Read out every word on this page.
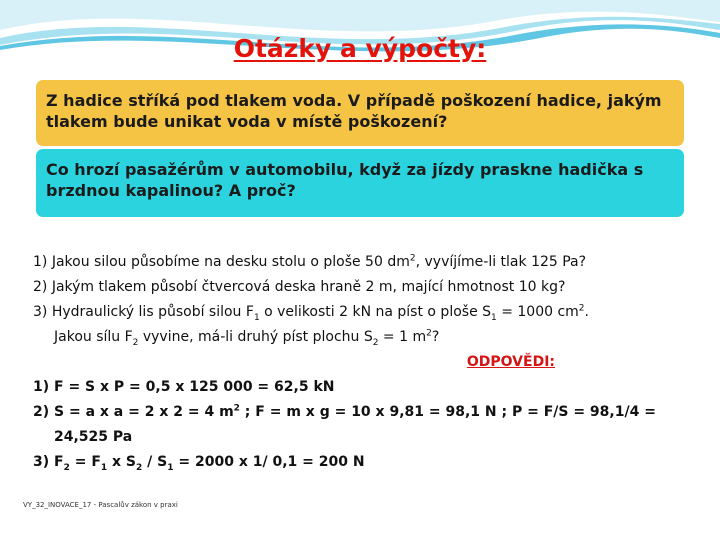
Otázky a výpočty:
Z hadice stříká pod tlakem voda. V případě poškození hadice, jakým tlakem bude unikat voda v místě poškození?
Co hrozí pasažérům v automobilu, když za jízdy praskne hadička s brzdnou kapalinou? A proč?
1) Jakou silou působíme na desku stolu o ploše 50 $dm^2$, vyvíjíme-li tlak 125 Pa?
2) Jakým tlakem působí čtvercová deska hraně 2 m, mající hmotnost 10 kg?
3) Hydraulický lis působí silou $F_1$ o velikosti 2 kN na píst o ploše $S_1 = 1000$ $cm^2$.
Jakou sílu $F_2$ vyvine, má-li druhý píst plochu $S_2 = 1$ $m^2$?
ODPOVĚDI:
1) F = S x P = 0,5 x 125 000 = 62,5 kN
2) S = a x a = 2 x 2 = 4 $m^2$ ; F = m x g = 10 x 9,81 = 98,1 N ; P = F/S = 98,1/4 =
24,525 Pa
3) $F_2 = F_1$ x $S_2 / S_1 = 2000$ x 1/ 0,1 = 200 N
VY_32_INOVACE_17 - Pascalův zákon v praxi
